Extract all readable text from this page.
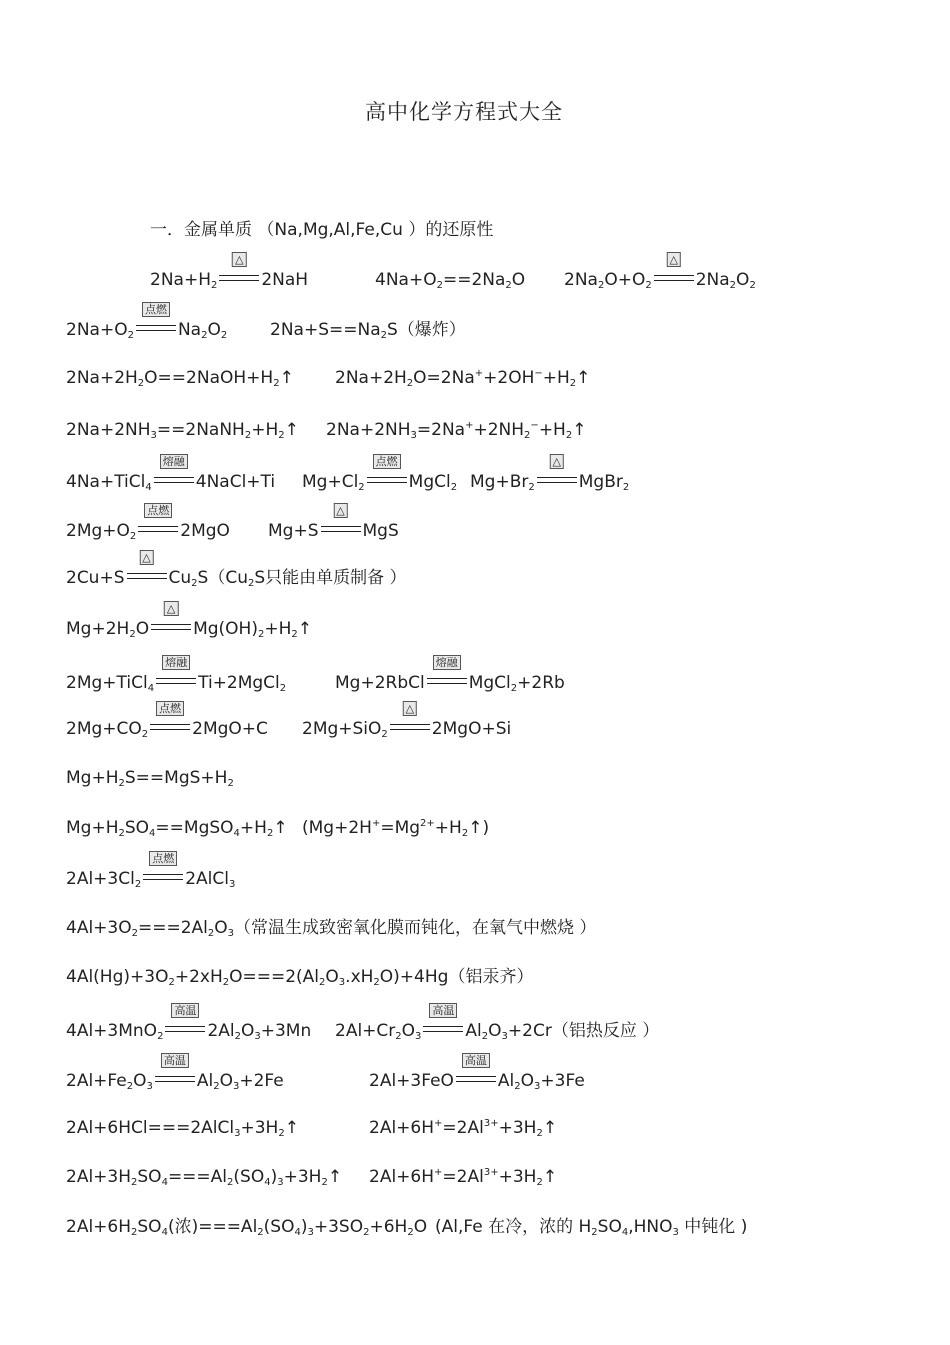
高中化学方程式大全
一．金属单质 （Na,Mg,Al,Fe,Cu ）的还原性
$2Na+H_2$
△
2NaH	$4Na+O_2==2Na_2O$ $2Na_2O+O_2$
△
$2Na_2O_2$
$2Na+O_2$
点燃
$Na_2O_2$	$2Na+S==Na_2S$（爆炸）
$2Na+2H_2O==2NaOH+H_2↑$ $2Na+2H_2O=2Na^++2OH^-+H_2↑$
$2Na+2NH_3==2NaNH_2+H_2↑$ $2Na+2NH_3=2Na^++2NH_2^-+H_2↑$
4Na+TiCl$_4$
熔融
4NaCl+Ti $Mg+Cl_2$
点燃
MgCl$_2$ $Mg+Br_2$
△
MgBr$_2$
$2Mg+O_2$
点燃
2MgO Mg+S
△
MgS
2Cu+S
△
$Cu_2S(Cu_2S$只能由单质制备 ）
$Mg+2H_2O$
△
$Mg(OH)_2+H_2↑$
2Mg+TiCl$_4$
熔融
Ti+2MgCl$_2$	Mg+2RbCl
熔融
MgCl$_2$+2Rb
$2Mg+CO_2$
点燃
2MgO+C 2Mg+SiO$_2$
△
2MgO+Si
$Mg+H_2S==MgS+H_2$
$Mg+H_2SO_4==MgSO_4+H_2↑$ $(Mg+2H^+=Mg^{2+}+H_2↑)$
$2Al+3Cl_2$
点燃
2AlCl$_3$
$4Al+3O_2===2Al_2O_3$（常温生成致密氧化膜而钝化，在氧气中燃烧 ）
$4Al(Hg)+3O_2+2xH_2O===2(Al_2O_3.xH_2O)+4Hg$（铝汞齐）
4Al+3MnO$_2$
高温
$2Al_2O_3+3Mn$ $2Al+Cr_2O_3$
高温
$Al_2O_3+2Cr$（铝热反应 ）
$2Al+Fe_2O_3$
高温
$Al_2O_3+2Fe$	2Al+3FeO
高温
$Al_2O_3+3Fe$
$2Al+6HCl===2AlCl_3+3H_2↑$	$2Al+6H^+=2Al^{3+}+3H_2↑$
$2Al+3H_2SO_4===Al_2(SO_4)_3+3H_2↑$ $2Al+6H^+=2Al^{3+}+3H_2↑$
$2Al+6H_2SO_4$(浓)$===Al_2(SO_4)_3+3SO_2+6H_2O$ (Al,Fe 在冷，浓的 $H_2SO_4,HNO_3$ 中钝化 )
